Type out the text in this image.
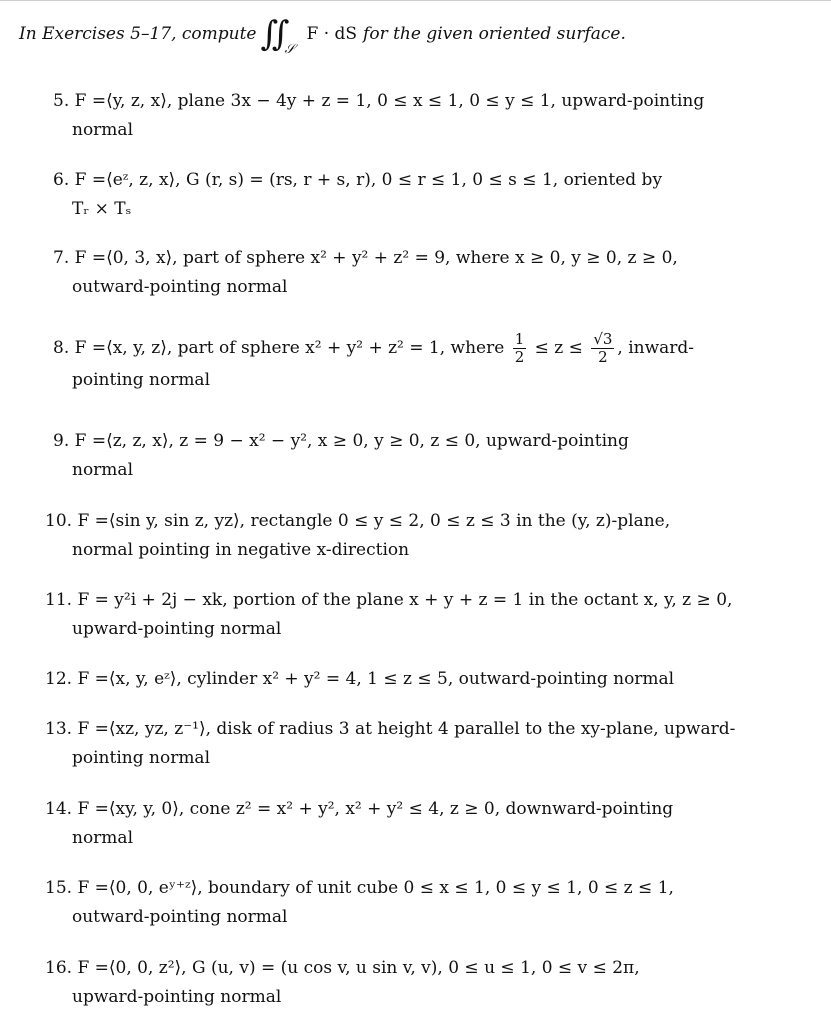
In Exercises 5–17, compute ∬ 𝒮
F · dS for the given oriented surface.
5. F =⟨y, z, x⟩, plane 3x − 4y + z = 1, 0 ≤ x ≤ 1, 0 ≤ y ≤ 1, upward-pointing
normal
6. F =⟨eᶻ, z, x⟩, G (r, s) = (rs, r + s, r), 0 ≤ r ≤ 1, 0 ≤ s ≤ 1, oriented by
Tᵣ × Tₛ
7. F =⟨0, 3, x⟩, part of sphere x² + y² + z² = 9, where x ≥ 0, y ≥ 0, z ≥ 0,
outward-pointing normal
8. F =⟨x, y, z⟩, part of sphere x² + y² + z² = 1, where $\frac{1}{2} \le z \le \frac{√3}{2}$ , inward-
pointing normal
9. F =⟨z, z, x⟩, z = 9 − x² − y², x ≥ 0, y ≥ 0, z ≤ 0, upward-pointing
normal
10. F =⟨sin y, sin z, yz⟩, rectangle 0 ≤ y ≤ 2, 0 ≤ z ≤ 3 in the (y, z)-plane,
normal pointing in negative x-direction
11. F = y²i + 2j − xk, portion of the plane x + y + z = 1 in the octant x, y, z ≥ 0,
upward-pointing normal
12. F =⟨x, y, eᶻ⟩, cylinder x² + y² = 4, 1 ≤ z ≤ 5, outward-pointing normal
13. F =⟨xz, yz, z⁻¹⟩, disk of radius 3 at height 4 parallel to the xy-plane, upward-
pointing normal
14. F =⟨xy, y, 0⟩, cone z² = x² + y², x² + y² ≤ 4, z ≥ 0, downward-pointing
normal
15. F =⟨0, 0, eʸ⁺ᶻ⟩, boundary of unit cube 0 ≤ x ≤ 1, 0 ≤ y ≤ 1, 0 ≤ z ≤ 1,
outward-pointing normal
16. F =⟨0, 0, z²⟩, G (u, v) = (u cos v, u sin v, v), 0 ≤ u ≤ 1, 0 ≤ v ≤ 2π,
upward-pointing normal
